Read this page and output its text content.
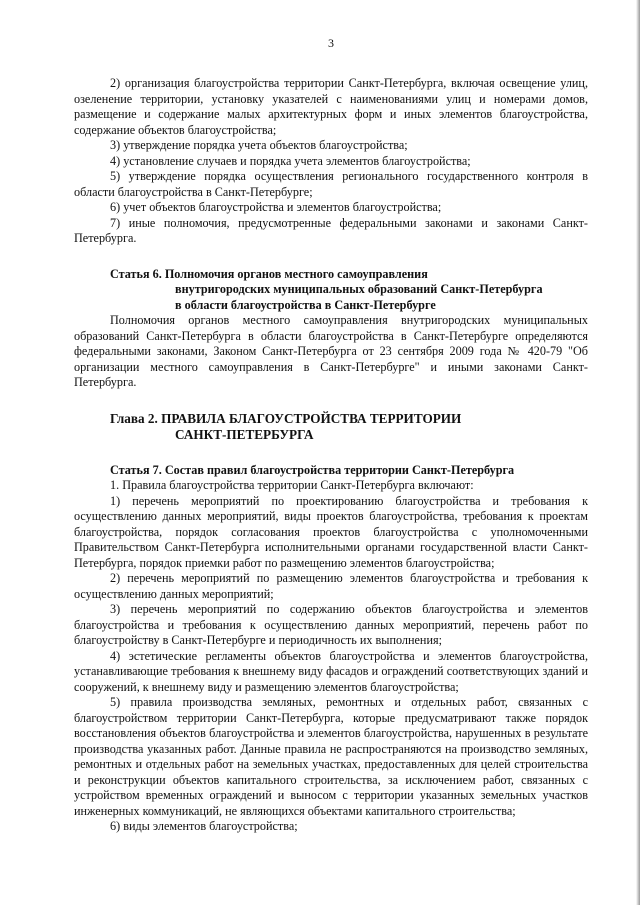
3

2) организация благоустройства территории Санкт-Петербурга, включая освещение улиц, озеленение территории, установку указателей с наименованиями улиц и номерами домов, размещение и содержание малых архитектурных форм и иных элементов благоустройства, содержание объектов благоустройства;

3) утверждение порядка учета объектов благоустройства;

4) установление случаев и порядка учета элементов благоустройства;

5) утверждение порядка осуществления регионального государственного контроля в области благоустройства в Санкт-Петербурге;

6) учет объектов благоустройства и элементов благоустройства;

7) иные полномочия, предусмотренные федеральными законами и законами Санкт-Петербурга.

Статья 6. Полномочия органов местного самоуправления
внутригородских муниципальных образований Санкт-Петербурга
в области благоустройства в Санкт-Петербурге

Полномочия органов местного самоуправления внутригородских муниципальных образований Санкт-Петербурга в области благоустройства в Санкт-Петербурге определяются федеральными законами, Законом Санкт-Петербурга от 23 сентября 2009 года № 420-79 "Об организации местного самоуправления в Санкт-Петербурге" и иными законами Санкт-Петербурга.

Глава 2. ПРАВИЛА БЛАГОУСТРОЙСТВА ТЕРРИТОРИИ
САНКТ-ПЕТЕРБУРГА
Статья 7. Состав правил благоустройства территории Санкт-Петербурга

1. Правила благоустройства территории Санкт-Петербурга включают:

1) перечень мероприятий по проектированию благоустройства и требования к осуществлению данных мероприятий, виды проектов благоустройства, требования к проектам благоустройства, порядок согласования проектов благоустройства с уполномоченными Правительством Санкт-Петербурга исполнительными органами государственной власти Санкт-Петербурга, порядок приемки работ по размещению элементов благоустройства;

2) перечень мероприятий по размещению элементов благоустройства и требования к осуществлению данных мероприятий;

3) перечень мероприятий по содержанию объектов благоустройства и элементов благоустройства и требования к осуществлению данных мероприятий, перечень работ по благоустройству в Санкт-Петербурге и периодичность их выполнения;

4) эстетические регламенты объектов благоустройства и элементов благоустройства, устанавливающие требования к внешнему виду фасадов и ограждений соответствующих зданий и сооружений, к внешнему виду и размещению элементов благоустройства;

5) правила производства земляных, ремонтных и отдельных работ, связанных с благоустройством территории Санкт-Петербурга, которые предусматривают также порядок восстановления объектов благоустройства и элементов благоустройства, нарушенных в результате производства указанных работ. Данные правила не распространяются на производство земляных, ремонтных и отдельных работ на земельных участках, предоставленных для целей строительства и реконструкции объектов капитального строительства, за исключением работ, связанных с устройством временных ограждений и выносом с территории указанных земельных участков инженерных коммуникаций, не являющихся объектами капитального строительства;

6) виды элементов благоустройства;
